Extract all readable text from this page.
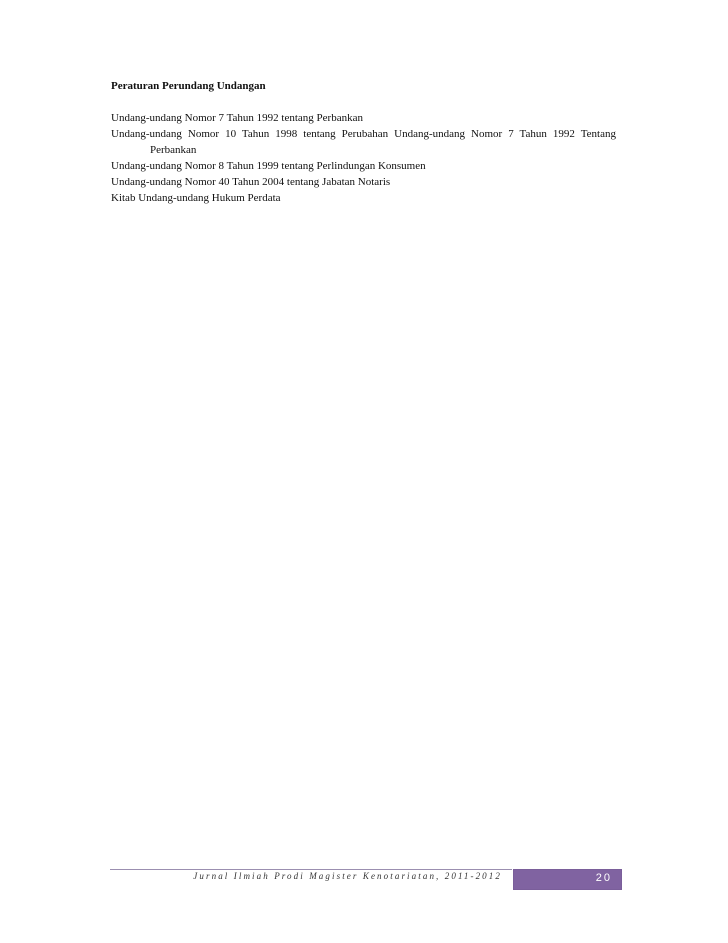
Peraturan Perundang Undangan

Undang-undang Nomor 7 Tahun 1992 tentang Perbankan
Undang-undang Nomor 10 Tahun 1998 tentang Perubahan Undang-undang Nomor 7 Tahun 1992 Tentang Perbankan
Undang-undang Nomor 8 Tahun 1999 tentang Perlindungan Konsumen
Undang-undang Nomor 40 Tahun 2004 tentang Jabatan Notaris
Kitab Undang-undang Hukum Perdata
Jurnal Ilmiah Prodi Magister Kenotariatan, 2011-2012	20
